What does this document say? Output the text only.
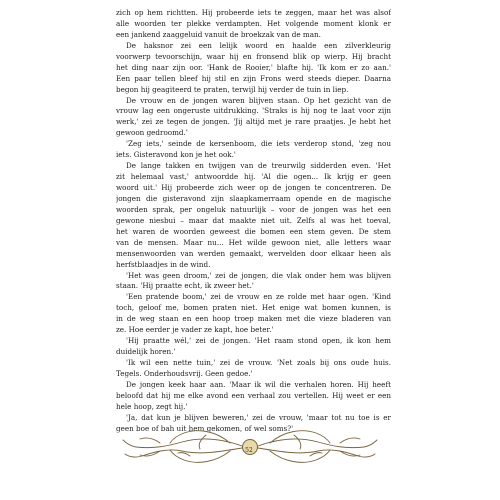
zich op hem richtten. Hij probeerde iets te zeggen, maar het was alsof
alle woorden ter plekke verdampten. Het volgende moment klonk er
een jankend zaaggeluid vanuit de broekzak van de man.
De haksnor zei een lelijk woord en haalde een zilverkleurig
voorwerp tevoorschijn, waar hij en fronsend blik op wierp. Hij bracht
het ding naar zijn oor. 'Hank de Rooier,' blafte hij. 'Ik kom er zo aan.'
Een paar tellen bleef hij stil en zijn Frons werd steeds dieper. Daarna
begon hij geagiteerd te praten, terwijl hij verder de tuin in liep.
De vrouw en de jongen waren blijven staan. Op het gezicht van de
vrouw lag een ongeruste uitdrukking. 'Straks is hij nog te laat voor zijn
werk,' zei ze tegen de jongen. 'Jij altijd met je rare praatjes. Je hebt het
gewoon gedroomd.'
'Zeg iets,' seinde de kersenboom, die iets verderop stond, 'zeg nou
iets. Gisteravond kon je het ook.'
De lange takken en twijgen van de treurwilg sidderden even. 'Het
zit helemaal vast,' antwoordde hij. 'Al die ogen... Ik krijg er geen
woord uit.' Hij probeerde zich weer op de jongen te concentreren. De
jongen die gisteravond zijn slaapkamerraam opende en de magische
woorden sprak, per ongeluk natuurlijk – voor de jongen was het een
gewone niesbui – maar dat maakte niet uit. Zelfs al was het toeval,
het waren de woorden geweest die bomen een stem geven. De stem
van de mensen. Maar nu... Het wilde gewoon niet, alle letters waar
mensenwoorden van werden gemaakt, wervelden door elkaar heen als
herfstblaadjes in de wind.
'Het was geen droom,' zei de jongen, die vlak onder hem was blijven
staan. 'Hij praatte echt, ik zweer het.'
'Een pratende boom,' zei de vrouw en ze rolde met haar ogen. 'Kind
toch, geloof me, bomen praten niet. Het enige wat bomen kunnen, is
in de weg staan en een hoop troep maken met die vieze bladeren van
ze. Hoe eerder je vader ze kapt, hoe beter.'
'Hij praatte wél,' zei de jongen. 'Het raam stond open, ik kon hem
duidelijk horen.'
'Ik wil een nette tuin,' zei de vrouw. 'Net zoals bij ons oude huis.
Tegels. Onderhoudsvrij. Geen gedoe.'
De jongen keek haar aan. 'Maar ik wil die verhalen horen. Hij heeft
beloofd dat hij me elke avond een verhaal zou vertellen. Hij weet er een
hele hoop, zegt hij.'
'Ja, dat kun je blijven beweren,' zei de vrouw, 'maar tot nu toe is er
geen boe of bah uit hem gekomen, of wel soms?'
52
